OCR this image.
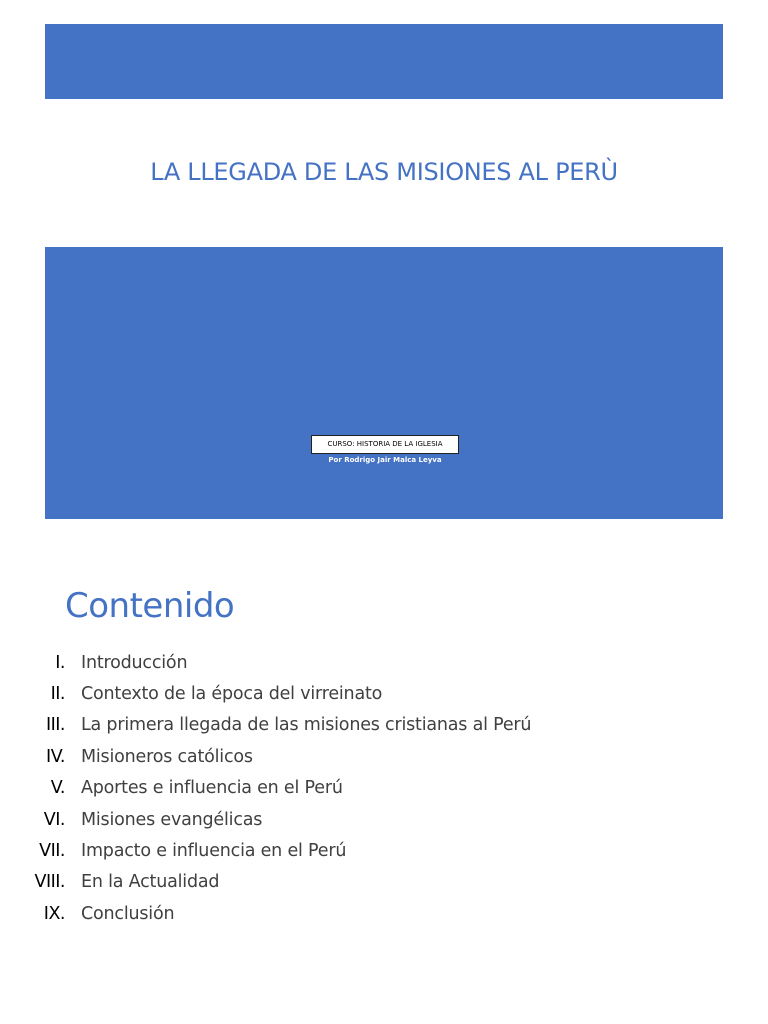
LA LLEGADA DE LAS MISIONES AL PERÙ
CURSO: HISTORIA DE LA IGLESIA
Por Rodrigo Jair Malca Leyva
Contenido
I. Introducción
II. Contexto de la época del virreinato
III. La primera llegada de las misiones cristianas al Perú
IV. Misioneros católicos
V. Aportes e influencia en el Perú
VI. Misiones evangélicas
VII. Impacto e influencia en el Perú
VIII. En la Actualidad
IX. Conclusión
